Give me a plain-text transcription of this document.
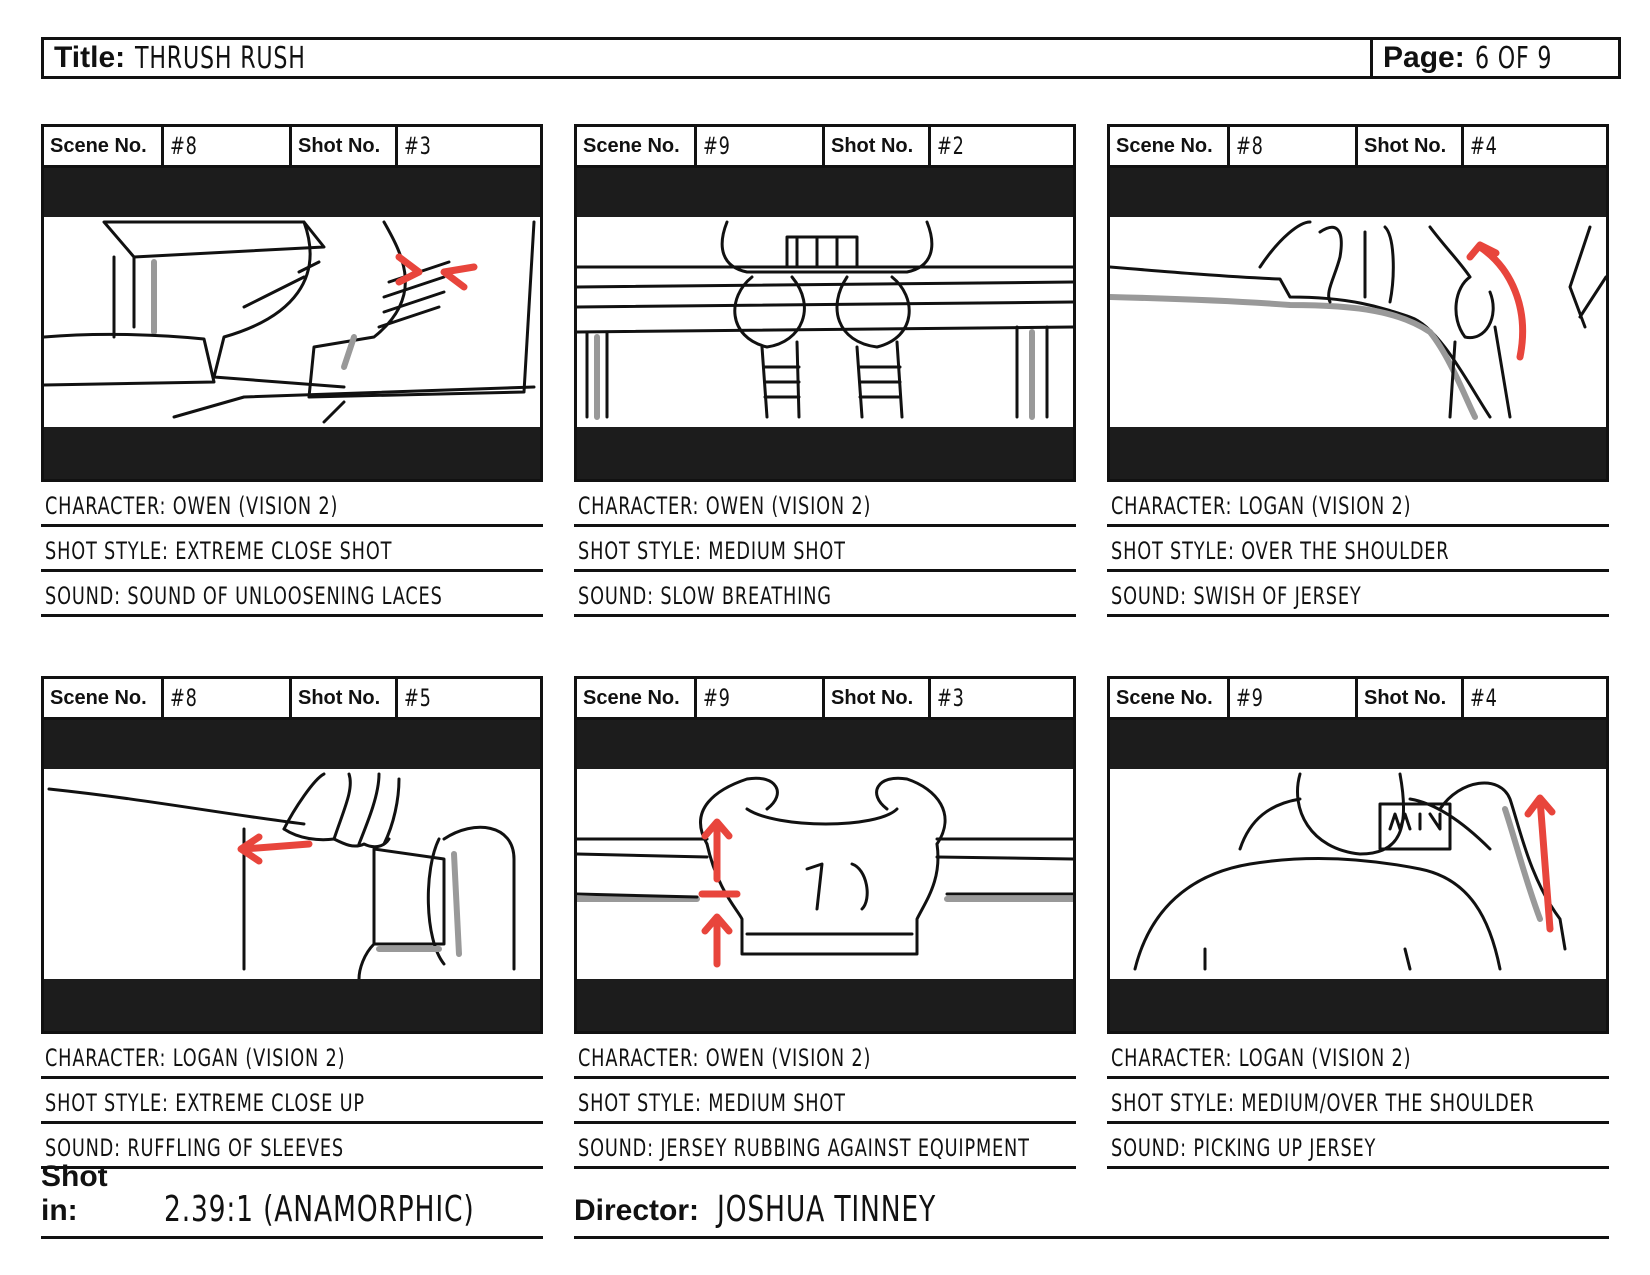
Title: THRUSH RUSH	Page: 6 OF 9
Scene No. #8	Shot No. #3
CHARACTER: OWEN (VISION 2)
SHOT STYLE: EXTREME CLOSE SHOT
SOUND: SOUND OF UNLOOSENING LACES
Scene No. #9	Shot No. #2
CHARACTER: OWEN (VISION 2)
SHOT STYLE: MEDIUM SHOT
SOUND: SLOW BREATHING
Scene No. #8	Shot No. #4
CHARACTER: LOGAN (VISION 2)
SHOT STYLE: OVER THE SHOULDER
SOUND: SWISH OF JERSEY
Scene No. #8	Shot No. #5
CHARACTER: LOGAN (VISION 2)
SHOT STYLE: EXTREME CLOSE UP
SOUND: RUFFLING OF SLEEVES
Scene No. #9	Shot No. #3
CHARACTER: OWEN (VISION 2)
SHOT STYLE: MEDIUM SHOT
SOUND: JERSEY RUBBING AGAINST EQUIPMENT
Scene No. #9	Shot No. #4
CHARACTER: LOGAN (VISION 2)
SHOT STYLE: MEDIUM/OVER THE SHOULDER
SOUND: PICKING UP JERSEY
Shot in:	2.39:1 (ANAMORPHIC)	Director: JOSHUA TINNEY
